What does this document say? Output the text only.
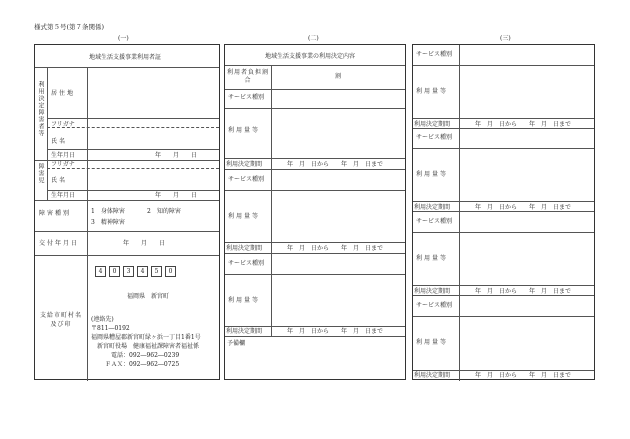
様式第５号(第７条関係)
(一)	(二)	(三)
地域生活支援事業利用者証
利用決定障害者等 居住地
フリガナ
氏名
生年月日	年　　月　　日
障害児 フリガナ
氏名
生年月日	年　　月　　日
障害種別	1　身体障害	2　知的障害
3　精神障害
交付年月日	年　　月　　日
支給市町村名及び印
4	0	3	4	5	0
福岡県　新宮町
(連絡先)
〒811―0192
福岡県糟屋郡新宮町緑ヶ浜一丁目1番1号
新宮町役場　健康福祉課障害者福祉係
電話：092―962―0239
ＦＡＸ：092―962―0725
地域生活支援事業の利用決定内容
利用者負担割合
割
サービス種別
利用量等
利用決定期間	年　月　日から　　年　月　日まで
サービス種別
利用量等
利用決定期間	年　月　日から　　年　月　日まで
サービス種別
利用量等
利用決定期間	年　月　日から　　年　月　日まで
予備欄
サービス種別
利用量等
利用決定期間	年　月　日から　　年　月　日まで
サービス種別
利用量等
利用決定期間	年　月　日から　　年　月　日まで
サービス種別
利用量等
利用決定期間	年　月　日から　　年　月　日まで
サービス種別
利用量等
利用決定期間	年　月　日から　　年　月　日まで
